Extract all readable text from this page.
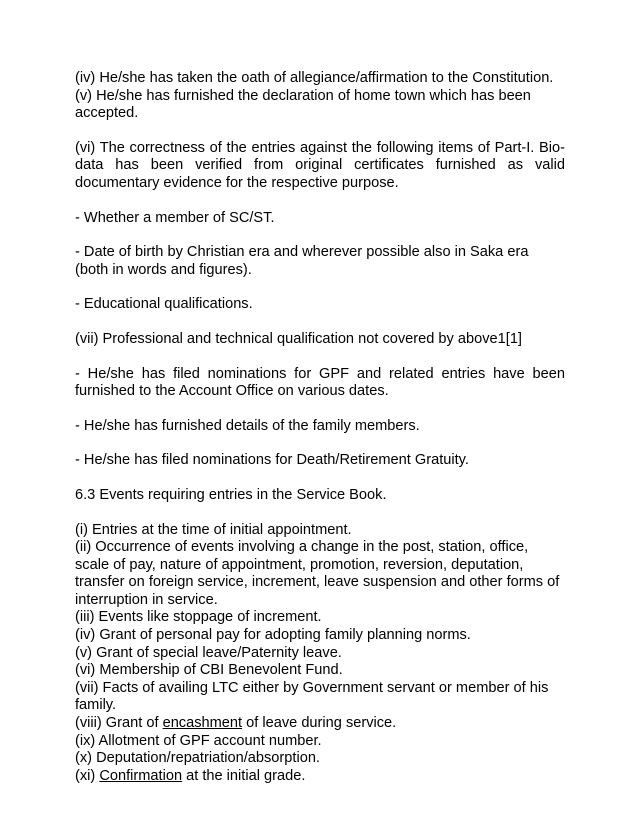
(iv) He/she has taken the oath of allegiance/affirmation to the Constitution.
(v) He/she has furnished the declaration of home town which has been
accepted.
(vi) The correctness of the entries against the following items of Part-I. Bio-
data has been verified from original certificates furnished as valid
documentary evidence for the respective purpose.
- Whether a member of SC/ST.
- Date of birth by Christian era and wherever possible also in Saka era
(both in words and figures).
- Educational qualifications.
(vii) Professional and technical qualification not covered by above1[1]
- He/she has filed nominations for GPF and related entries have been
furnished to the Account Office on various dates.
- He/she has furnished details of the family members.
- He/she has filed nominations for Death/Retirement Gratuity.
6.3 Events requiring entries in the Service Book.
(i) Entries at the time of initial appointment.
(ii) Occurrence of events involving a change in the post, station, office,
scale of pay, nature of appointment, promotion, reversion, deputation,
transfer on foreign service, increment, leave suspension and other forms of
interruption in service.
(iii) Events like stoppage of increment.
(iv) Grant of personal pay for adopting family planning norms.
(v) Grant of special leave/Paternity leave.
(vi) Membership of CBI Benevolent Fund.
(vii) Facts of availing LTC either by Government servant or member of his
family.
(viii) Grant of encashment of leave during service.
(ix) Allotment of GPF account number.
(x) Deputation/repatriation/absorption.
(xi) Confirmation at the initial grade.
